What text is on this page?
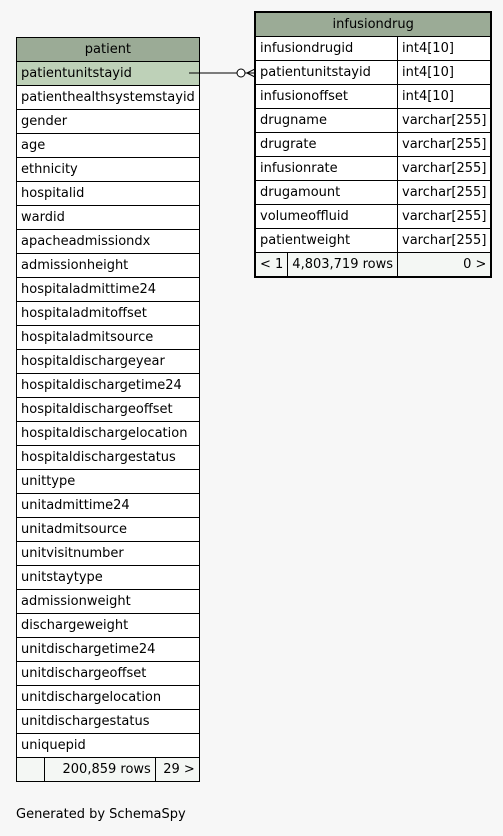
patient
patientunitstayid
patienthealthsystemstayid
gender
age
ethnicity
hospitalid
wardid
apacheadmissiondx
admissionheight
hospitaladmittime24
hospitaladmitoffset
hospitaladmitsource
hospitaldischargeyear
hospitaldischargetime24
hospitaldischargeoffset
hospitaldischargelocation
hospitaldischargestatus
unittype
unitadmittime24
unitadmitsource
unitvisitnumber
unitstaytype
admissionweight
dischargeweight
unitdischargetime24
unitdischargeoffset
unitdischargelocation
unitdischargestatus
uniquepid
	200,859 rows	29 >
infusiondrug		
infusiondrugid		int4[10]
patientunitstayid		int4[10]
infusionoffset		int4[10]
drugname		varchar[255]
drugrate		varchar[255]
infusionrate		varchar[255]
drugamount		varchar[255]
volumeoffluid		varchar[255]
patientweight		varchar[255]
< 1	4,803,719 rows	0 >
Generated by SchemaSpy
